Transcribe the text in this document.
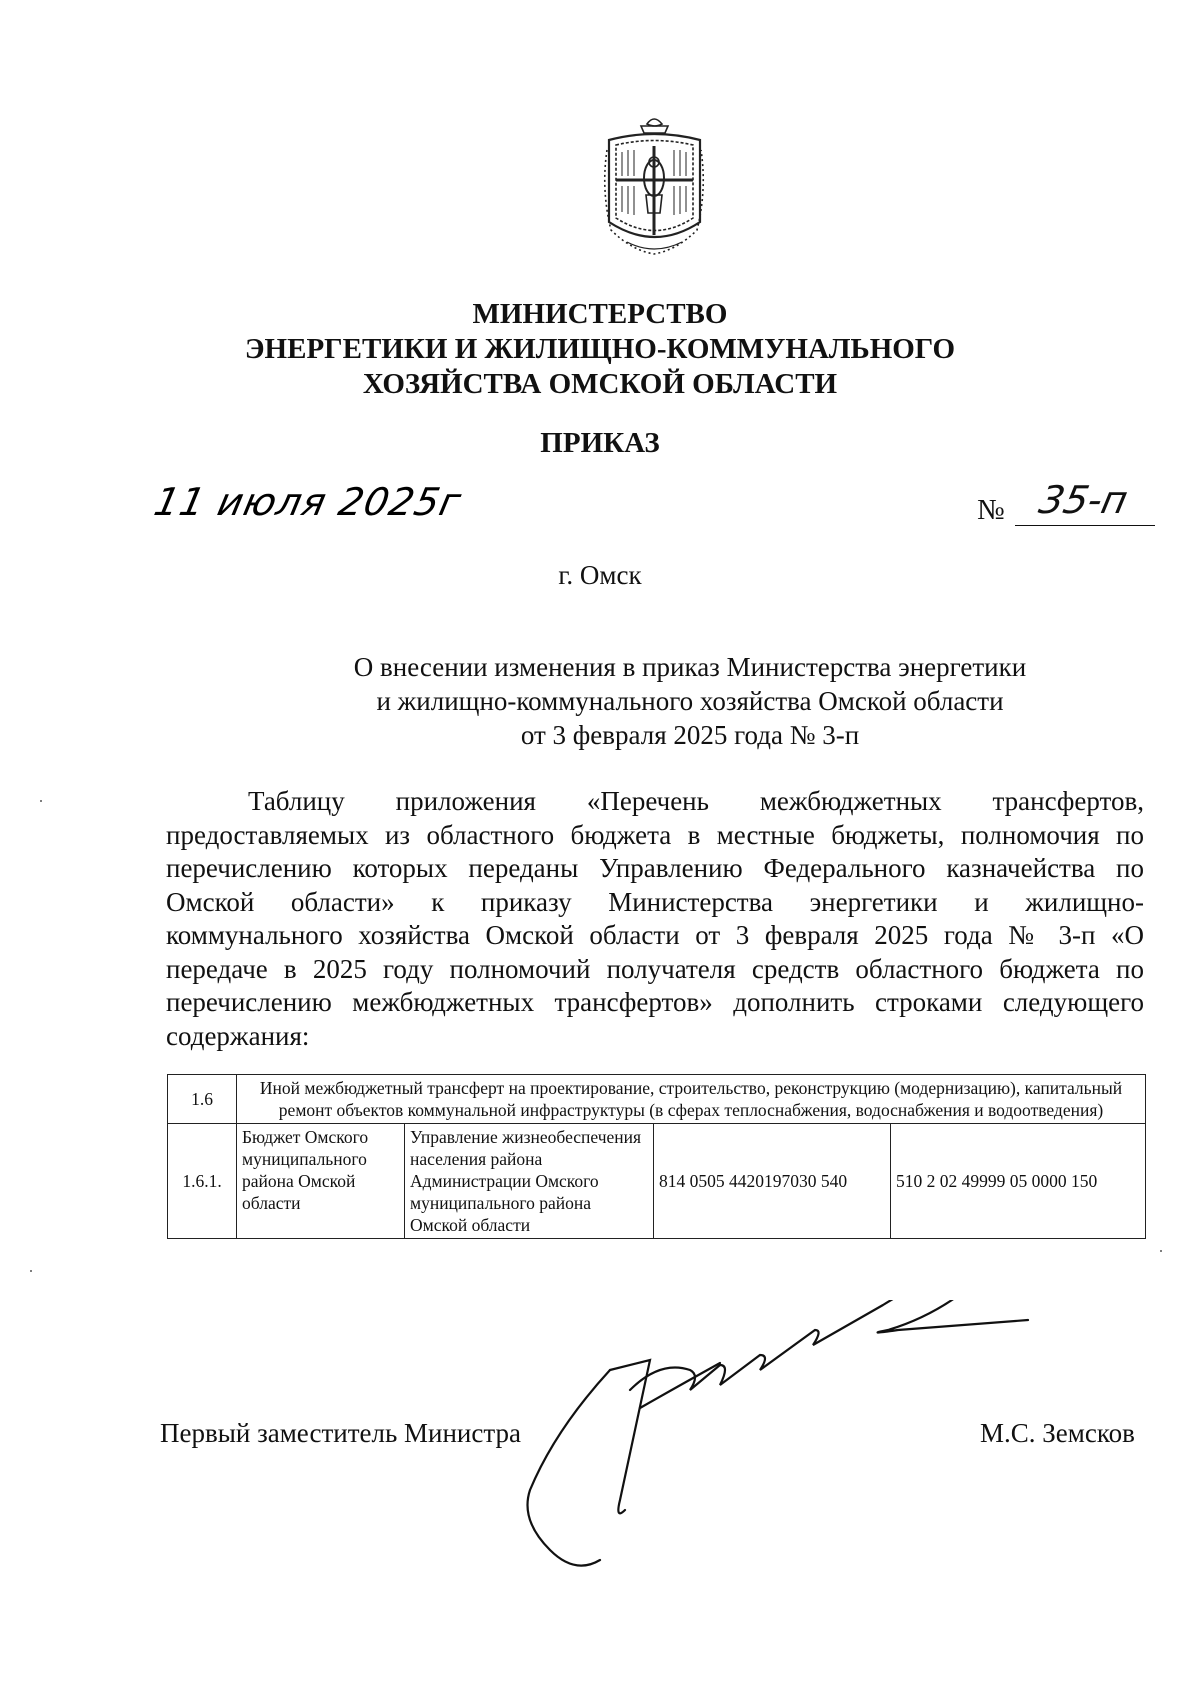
МИНИСТЕРСТВО
ЭНЕРГЕТИКИ И ЖИЛИЩНО-КОММУНАЛЬНОГО
ХОЗЯЙСТВА ОМСКОЙ ОБЛАСТИ
ПРИКАЗ
11 июля 2025г	№ 35-п
г. Омск
О внесении изменения в приказ Министерства энергетики
и жилищно-коммунального хозяйства Омской области
от 3 февраля 2025 года № 3-п
Таблицу приложения «Перечень межбюджетных трансфертов,
предоставляемых из областного бюджета в местные бюджеты, полномочия по
перечислению которых переданы Управлению Федерального казначейства по
Омской области» к приказу Министерства энергетики и жилищно-
коммунального хозяйства Омской области от 3 февраля 2025 года № 3-п «О
передаче в 2025 году полномочий получателя средств областного бюджета по
перечислению межбюджетных трансфертов» дополнить строками следующего
содержания:
1.6	Иной межбюджетный трансферт на проектирование, строительство, реконструкцию (модернизацию), капитальный ремонт объектов коммунальной инфраструктуры (в сферах теплоснабжения, водоснабжения и водоотведения)			
1.6.1.	Бюджет Омского муниципального района Омской области	Управление жизнеобеспечения населения района Администрации Омского муниципального района Омской области	814 0505 4420197030 540	510 2 02 49999 05 0000 150
Первый заместитель Министра	М.С. Земсков
